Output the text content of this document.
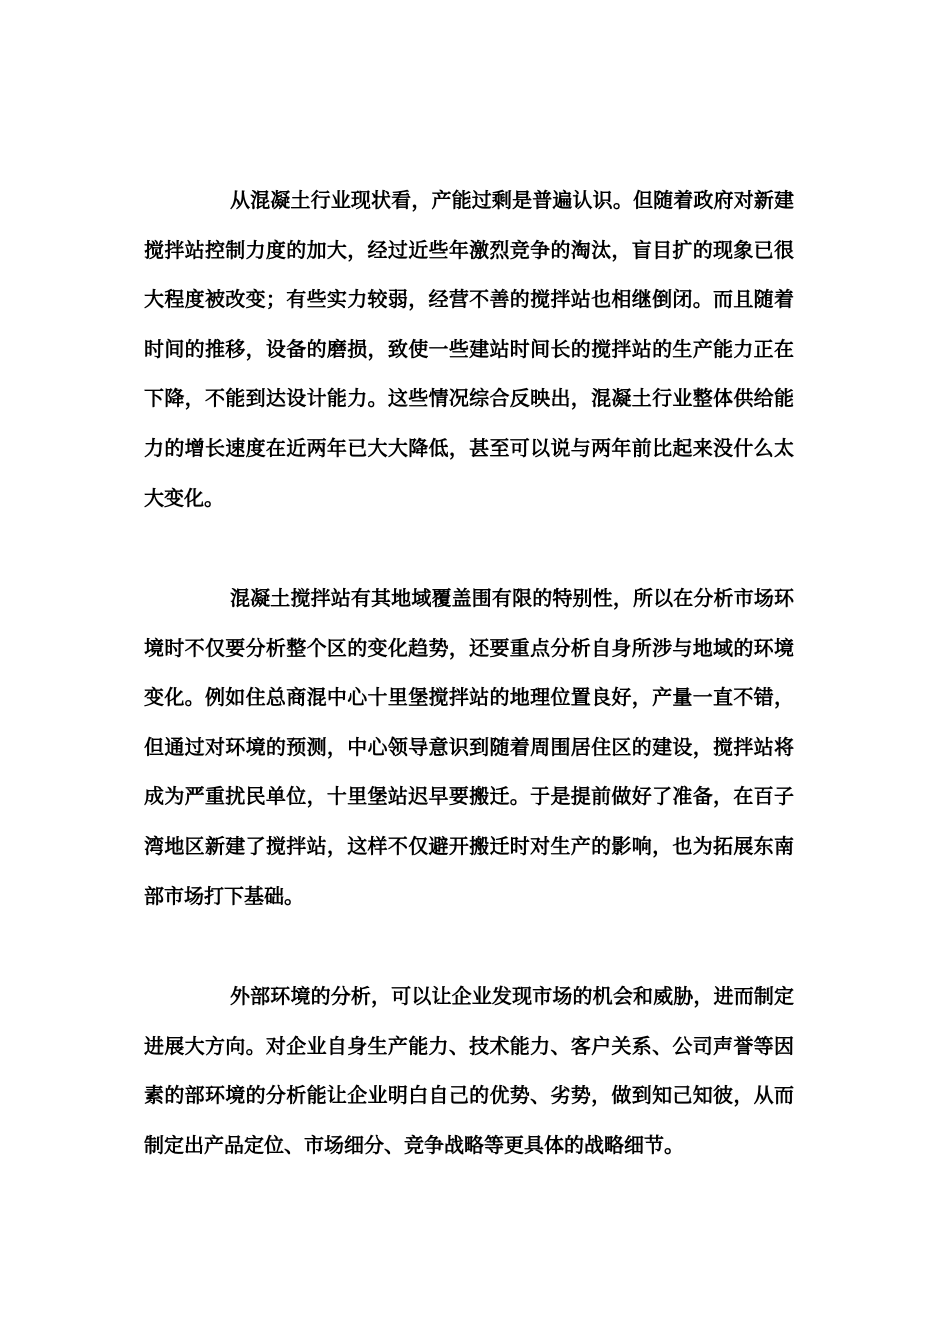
从混凝土行业现状看，产能过剩是普遍认识。但随着政府对新建搅拌站控制力度的加大，经过近些年激烈竞争的淘汰，盲目扩的现象已很大程度被改变；有些实力较弱，经营不善的搅拌站也相继倒闭。而且随着时间的推移，设备的磨损，致使一些建站时间长的搅拌站的生产能力正在下降，不能到达设计能力。这些情况综合反映出，混凝土行业整体供给能力的增长速度在近两年已大大降低，甚至可以说与两年前比起来没什么太大变化。

混凝土搅拌站有其地域覆盖围有限的特别性，所以在分析市场环境时不仅要分析整个区的变化趋势，还要重点分析自身所涉与地域的环境变化。例如住总商混中心十里堡搅拌站的地理位置良好，产量一直不错，但通过对环境的预测，中心领导意识到随着周围居住区的建设，搅拌站将成为严重扰民单位，十里堡站迟早要搬迁。于是提前做好了准备，在百子湾地区新建了搅拌站，这样不仅避开搬迁时对生产的影响，也为拓展东南部市场打下基础。

外部环境的分析，可以让企业发现市场的机会和威胁，进而制定进展大方向。对企业自身生产能力、技术能力、客户关系、公司声誉等因素的部环境的分析能让企业明白自己的优势、劣势，做到知己知彼，从而制定出产品定位、市场细分、竞争战略等更具体的战略细节。
